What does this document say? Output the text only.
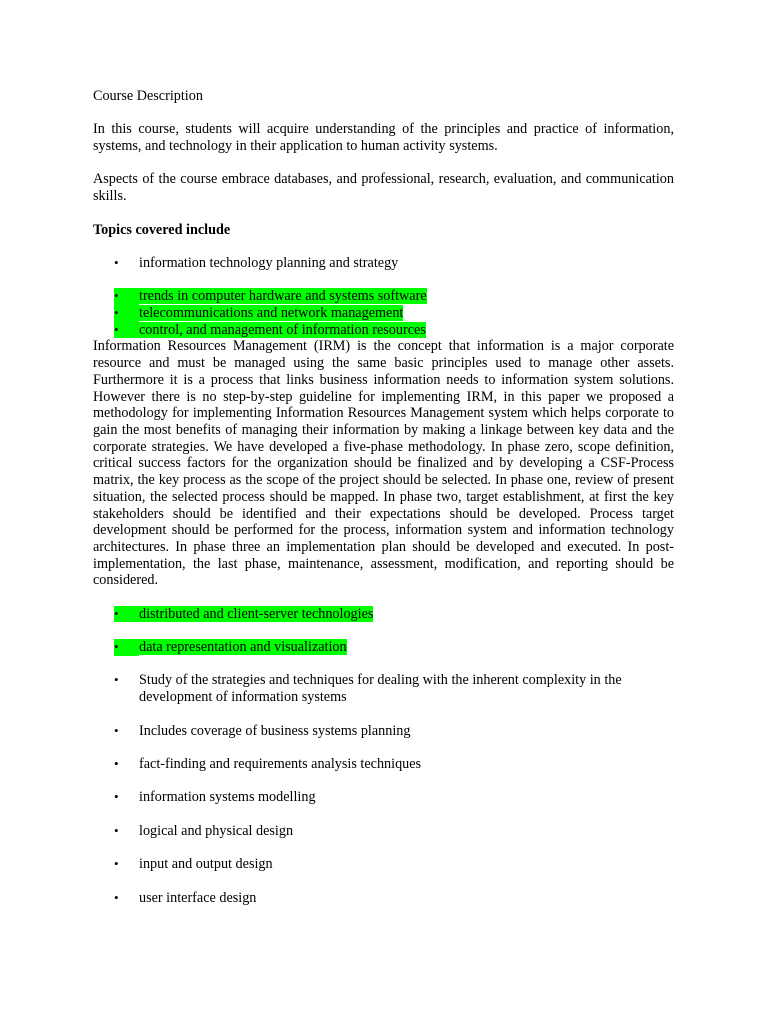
Course Description

In this course, students will acquire understanding of the principles and practice of information, systems, and technology in their application to human activity systems.

Aspects of the course embrace databases, and professional, research, evaluation, and communication skills.

Topics covered include

•	information technology planning and strategy
•	trends in computer hardware and systems software
•	telecommunications and network management
•	control, and management of information resources

Information Resources Management (IRM) is the concept that information is a major corporate resource and must be managed using the same basic principles used to manage other assets. Furthermore it is a process that links business information needs to information system solutions. However there is no step-by-step guideline for implementing IRM, in this paper we proposed a methodology for implementing Information Resources Management system which helps corporate to gain the most benefits of managing their information by making a linkage between key data and the corporate strategies. We have developed a five-phase methodology. In phase zero, scope definition, critical success factors for the organization should be finalized and by developing a CSF-Process matrix, the key process as the scope of the project should be selected. In phase one, review of present situation, the selected process should be mapped. In phase two, target establishment, at first the key stakeholders should be identified and their expectations should be developed. Process target development should be performed for the process, information system and information technology architectures. In phase three an implementation plan should be developed and executed. In post-implementation, the last phase, maintenance, assessment, modification, and reporting should be considered.

•	distributed and client-server technologies
•	data representation and visualization
•	Study of the strategies and techniques for dealing with the inherent complexity in the development of information systems
•	Includes coverage of business systems planning
•	fact-finding and requirements analysis techniques
•	information systems modelling
•	logical and physical design
•	input and output design
•	user interface design
